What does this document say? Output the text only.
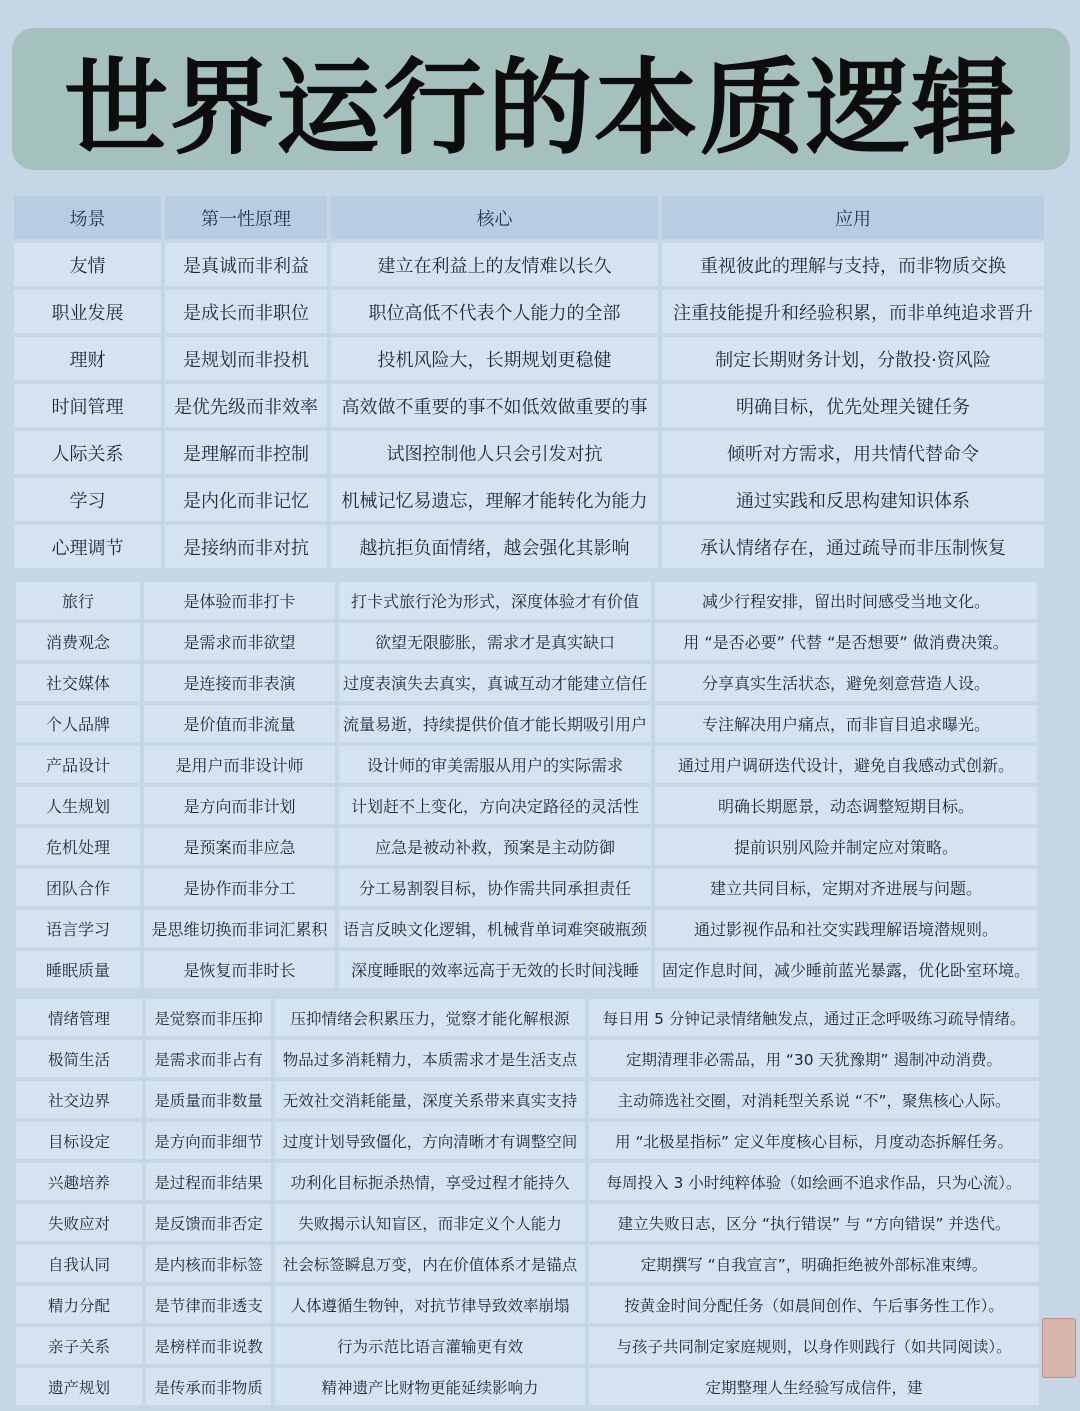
世界运行的本质逻辑
场景	第一性原理	核心	应用
友情	是真诚而非利益	建立在利益上的友情难以长久	重视彼此的理解与支持，而非物质交换
职业发展	是成长而非职位	职位高低不代表个人能力的全部	注重技能提升和经验积累，而非单纯追求晋升
理财	是规划而非投机	投机风险大，长期规划更稳健	制定长期财务计划，分散投·资风险
时间管理	是优先级而非效率	高效做不重要的事不如低效做重要的事	明确目标，优先处理关键任务
人际关系	是理解而非控制	试图控制他人只会引发对抗	倾听对方需求，用共情代替命令
学习	是内化而非记忆	机械记忆易遗忘，理解才能转化为能力	通过实践和反思构建知识体系
心理调节	是接纳而非对抗	越抗拒负面情绪，越会强化其影响	承认情绪存在，通过疏导而非压制恢复
旅行	是体验而非打卡	打卡式旅行沦为形式，深度体验才有价值	减少行程安排，留出时间感受当地文化。
消费观念	是需求而非欲望	欲望无限膨胀，需求才是真实缺口	用 “是否必要” 代替 “是否想要” 做消费决策。
社交媒体	是连接而非表演	过度表演失去真实，真诚互动才能建立信任	分享真实生活状态，避免刻意营造人设。
个人品牌	是价值而非流量	流量易逝，持续提供价值才能长期吸引用户	专注解决用户痛点，而非盲目追求曝光。
产品设计	是用户而非设计师	设计师的审美需服从用户的实际需求	通过用户调研迭代设计，避免自我感动式创新。
人生规划	是方向而非计划	计划赶不上变化，方向决定路径的灵活性	明确长期愿景，动态调整短期目标。
危机处理	是预案而非应急	应急是被动补救，预案是主动防御	提前识别风险并制定应对策略。
团队合作	是协作而非分工	分工易割裂目标，协作需共同承担责任	建立共同目标，定期对齐进展与问题。
语言学习	是思维切换而非词汇累积	语言反映文化逻辑，机械背单词难突破瓶颈	通过影视作品和社交实践理解语境潜规则。
睡眠质量	是恢复而非时长	深度睡眠的效率远高于无效的长时间浅睡	固定作息时间，减少睡前蓝光暴露，优化卧室环境。
情绪管理	是觉察而非压抑	压抑情绪会积累压力，觉察才能化解根源	每日用 5 分钟记录情绪触发点，通过正念呼吸练习疏导情绪。
极简生活	是需求而非占有	物品过多消耗精力，本质需求才是生活支点	定期清理非必需品，用 “30 天犹豫期” 遏制冲动消费。
社交边界	是质量而非数量	无效社交消耗能量，深度关系带来真实支持	主动筛选社交圈，对消耗型关系说 “不”，聚焦核心人际。
目标设定	是方向而非细节	过度计划导致僵化，方向清晰才有调整空间	用 “北极星指标” 定义年度核心目标，月度动态拆解任务。
兴趣培养	是过程而非结果	功利化目标扼杀热情，享受过程才能持久	每周投入 3 小时纯粹体验（如绘画不追求作品，只为心流）。
失败应对	是反馈而非否定	失败揭示认知盲区，而非定义个人能力	建立失败日志，区分 “执行错误” 与 “方向错误” 并迭代。
自我认同	是内核而非标签	社会标签瞬息万变，内在价值体系才是锚点	定期撰写 “自我宣言”，明确拒绝被外部标准束缚。
精力分配	是节律而非透支	人体遵循生物钟，对抗节律导致效率崩塌	按黄金时间分配任务（如晨间创作、午后事务性工作）。
亲子关系	是榜样而非说教	行为示范比语言灌输更有效	与孩子共同制定家庭规则，以身作则践行（如共同阅读）。
遗产规划	是传承而非物质	精神遗产比财物更能延续影响力	定期整理人生经验写成信件，建
